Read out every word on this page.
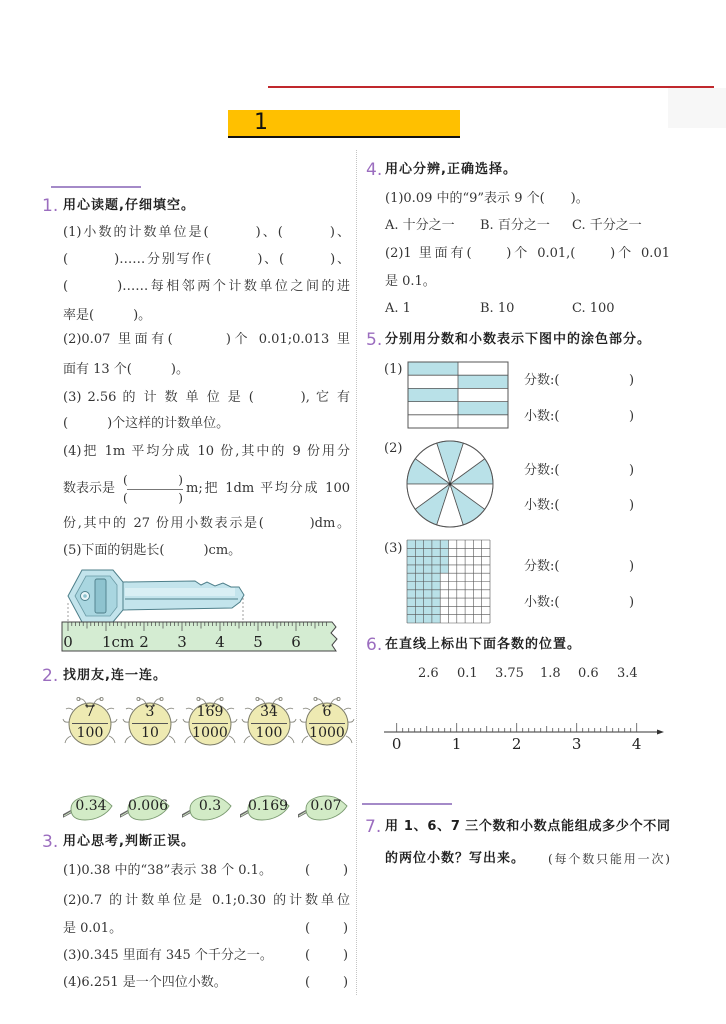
1
1. 用心读题,仔细填空。
(1)小数的计数单位是(　　　)、(　　　)、
(　　　)……分别写作(　　　)、(　　　)、
(　　　)……每相邻两个计数单位之间的进
率是(　　　)。
(2)0.07 里面有(　　　)个 0.01;0.013 里
面有 13 个(　　　)。
(3) 2.56 的 计 数 单 位 是 (　　　), 它 有
(　　　)个这样的计数单位。
(4)把 1m 平均分成 10 份,其中的 9 份用分
数表示是
(　　　)
(　　　)
m;把 1dm 平均分成 100
份,其中的 27 份用小数表示是(　　　)dm。
(5)下面的钥匙长(　　　)cm。
0 1cm 2 3 4 5 6
2. 找朋友,连一连。
7
100
3
10
169
1000
34
100
6
1000
0.34	0.006	0.3	0.169	0.07
3. 用心思考,判断正误。
(1)0.38 中的“38”表示 38 个 0.1。	(	)
(2)0.7 的计数单位是 0.1;0.30 的计数单位
是 0.01。	(	)
(3)0.345 里面有 345 个千分之一。 (	)
(4)6.251 是一个四位小数。	(	)
4. 用心分辨,正确选择。
(1)0.09 中的“9”表示 9 个(　　)。
A. 十分之一 B. 百分之一 C. 千分之一
(2)1 里面有(　　)个 0.01,(　　)个 0.01
是 0.1。
A. 1	B. 10	C. 100
5. 分别用分数和小数表示下图中的涂色部分。
(1)
分数:(	)
小数:(	)
(2)
分数:(	)
小数:(	)
(3)
分数:(	)
小数:(	)
6. 在直线上标出下面各数的位置。
2.6 0.1 3.75 1.8 0.6 3.4
0	1	2	3	4
7. 用 1、6、7 三个数和小数点能组成多少个不同
的两位小数？写出来。 (每个数只能用一次)
